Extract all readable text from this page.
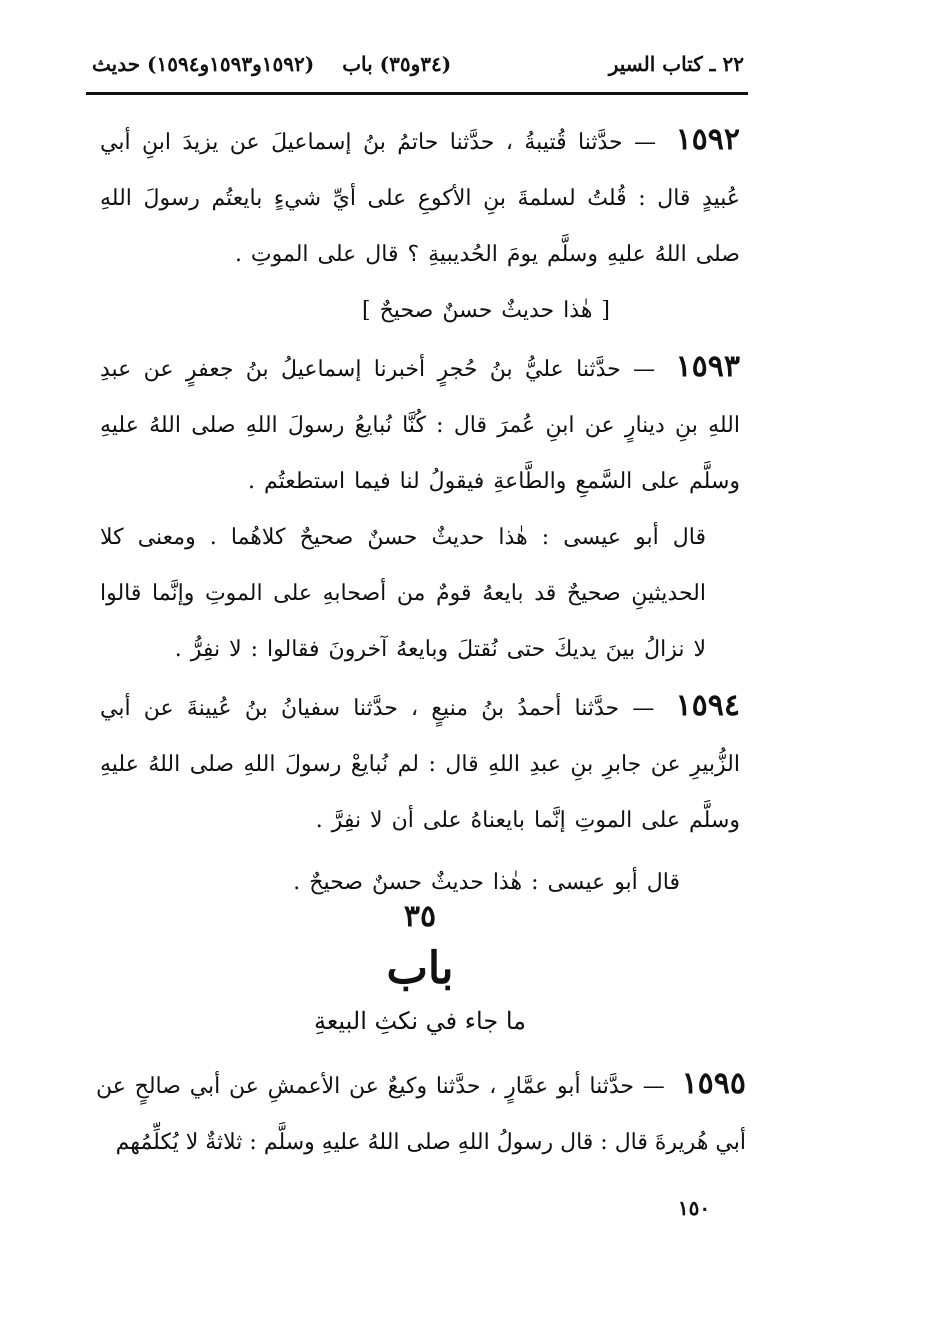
٢٢ ـ كتاب السير
(٣٤و٣٥) باب
(١٥٩٢و١٥٩٣و١٥٩٤) حديث

١٥٩٢ — حدَّثنا قُتيبةُ ، حدَّثنا حاتمُ بنُ إسماعيلَ عن يزيدَ ابنِ أبي عُبيدٍ قال : قُلتُ لسلمةَ بنِ الأكوعِ على أيِّ شيءٍ بايعتُم رسولَ اللهِ صلى اللهُ عليهِ وسلَّم يومَ الحُديبيةِ ؟ قال على الموتِ .

[ هٰذا حديثٌ حسنٌ صحيحٌ ]

١٥٩٣ — حدَّثنا عليُّ بنُ حُجرٍ أخبرنا إسماعيلُ بنُ جعفرٍ عن عبدِ اللهِ بنِ دينارٍ عن ابنِ عُمرَ قال : كُنَّا نُبايعُ رسولَ اللهِ صلى اللهُ عليهِ وسلَّم على السَّمعِ والطَّاعةِ فيقولُ لنا فيما استطعتُم .

قال أبو عيسى : هٰذا حديثٌ حسنٌ صحيحٌ كلاهُما . ومعنى كلا الحديثينِ صحيحٌ قد بايعهُ قومٌ من أصحابهِ على الموتِ وإنَّما قالوا لا نزالُ بينَ يديكَ حتى نُقتلَ وبايعهُ آخرونَ فقالوا : لا نفِرُّ .

١٥٩٤ — حدَّثنا أحمدُ بنُ منيعٍ ، حدَّثنا سفيانُ بنُ عُيينةَ عن أبي الزُّبيرِ عن جابرِ بنِ عبدِ اللهِ قال : لم نُبايعْ رسولَ اللهِ صلى اللهُ عليهِ وسلَّم على الموتِ إنَّما بايعناهُ على أن لا نفِرَّ .

قال أبو عيسى : هٰذا حديثٌ حسنٌ صحيحٌ .

٣٥
باب
ما جاء في نكثِ البيعةِ
١٥٩٥ — حدَّثنا أبو عمَّارٍ ، حدَّثنا وكيعٌ عن الأعمشِ عن أبي صالحٍ عن أبي هُريرةَ قال : قال رسولُ اللهِ صلى اللهُ عليهِ وسلَّم : ثلاثةٌ لا يُكلِّمُهم
١٥٠
